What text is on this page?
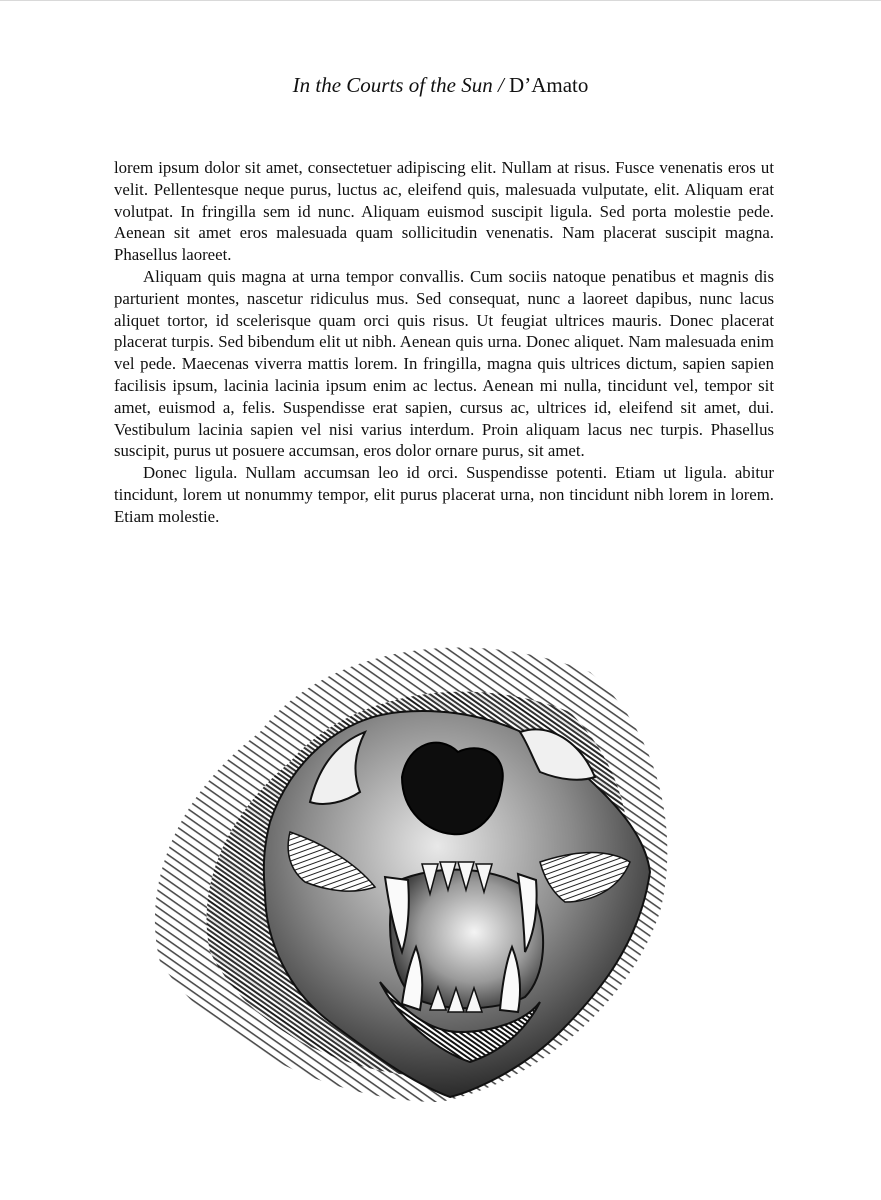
In the Courts of the Sun / D’Amato

lorem ipsum dolor sit amet, consectetuer adipiscing elit. Nullam at risus. Fusce venenatis eros ut velit. Pellentesque neque purus, luctus ac, eleifend quis, malesuada vulputate, elit. Aliquam erat volutpat. In fringilla sem id nunc. Aliquam euismod suscipit ligula. Sed porta molestie pede. Aenean sit amet eros malesuada quam sollicitudin venenatis. Nam placerat suscipit magna. Phasellus laoreet.

Aliquam quis magna at urna tempor convallis. Cum sociis natoque penatibus et magnis dis parturient montes, nascetur ridiculus mus. Sed consequat, nunc a laoreet dapibus, nunc lacus aliquet tortor, id scelerisque quam orci quis risus. Ut feugiat ultrices mauris. Donec placerat placerat turpis. Sed bibendum elit ut nibh. Aenean quis urna. Donec aliquet. Nam malesuada enim vel pede. Maecenas viverra mattis lorem. In fringilla, magna quis ultrices dictum, sapien sapien facilisis ipsum, lacinia lacinia ipsum enim ac lectus. Aenean mi nulla, tincidunt vel, tempor sit amet, euismod a, felis. Suspendisse erat sapien, cursus ac, ultrices id, eleifend sit amet, dui. Vestibulum lacinia sapien vel nisi varius interdum. Proin aliquam lacus nec turpis. Phasellus suscipit, purus ut posuere accumsan, eros dolor ornare purus, sit amet.

Donec ligula. Nullam accumsan leo id orci. Suspendisse potenti. Etiam ut ligula. abitur tincidunt, lorem ut nonummy tempor, elit purus placerat urna, non tincidunt nibh lorem in lorem. Etiam molestie.
